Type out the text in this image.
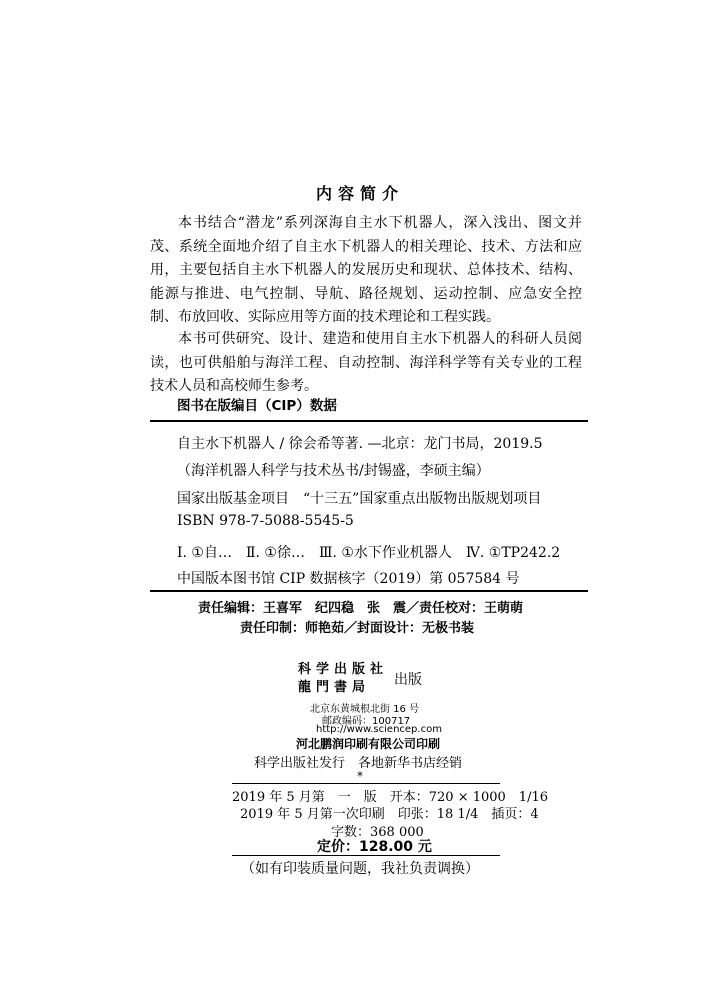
内容简介

本书结合“潜龙”系列深海自主水下机器人，深入浅出、图文并茂、系统全面地介绍了自主水下机器人的相关理论、技术、方法和应用，主要包括自主水下机器人的发展历史和现状、总体技术、结构、能源与推进、电气控制、导航、路径规划、运动控制、应急安全控制、布放回收、实际应用等方面的技术理论和工程实践。

本书可供研究、设计、建造和使用自主水下机器人的科研人员阅读，也可供船舶与海洋工程、自动控制、海洋科学等有关专业的工程技术人员和高校师生参考。

图书在版编目（CIP）数据
自主水下机器人 / 徐会希等著. —北京：龙门书局，2019.5
（海洋机器人科学与技术丛书/封锡盛，李硕主编）
国家出版基金项目　“十三五”国家重点出版物出版规划项目
ISBN 978-7-5088-5545-5
Ⅰ. ①自…　Ⅱ. ①徐…　Ⅲ. ①水下作业机器人　Ⅳ. ①TP242.2
中国版本图书馆 CIP 数据核字（2019）第 057584 号
责任编辑：王喜军　纪四稳　张　震／责任校对：王萌萌
责任印制：师艳茹／封面设计：无极书装
科学出版社
龍門書局	出版
北京东黄城根北街 16 号
邮政编码：100717
http://www.sciencep.com
河北鹏润印刷有限公司印刷
科学出版社发行　各地新华书店经销
*
2019 年 5 月第　一　版　开本：720 × 1000　1/16
2019 年 5 月第一次印刷　印张：18 1/4　插页：4
字数：368 000
定价：128.00 元
（如有印装质量问题，我社负责调换）
